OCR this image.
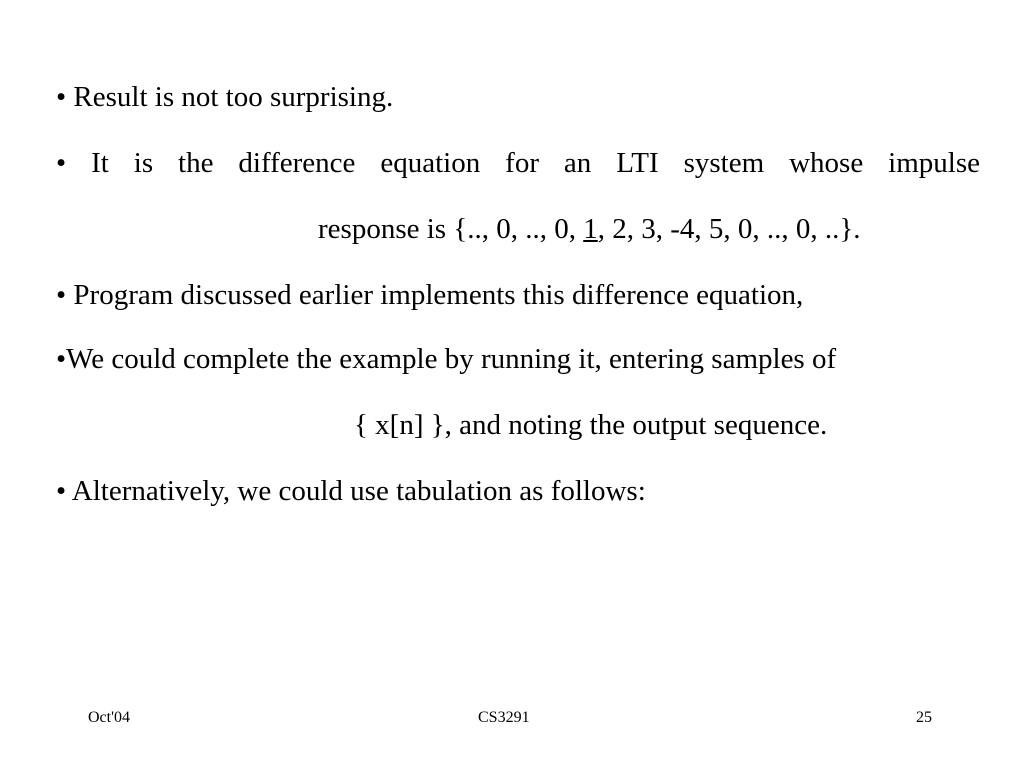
• Result is not too surprising.
• It is the difference equation for an LTI system whose impulse
response is {.., 0, .., 0, 1, 2, 3, -4, 5, 0, .., 0, ..}.
• Program discussed earlier implements this difference equation,
•We could complete the example by running it, entering samples of
{ x[n] }, and noting the output sequence.
• Alternatively, we could use tabulation as follows:
Oct'04	CS3291	25
